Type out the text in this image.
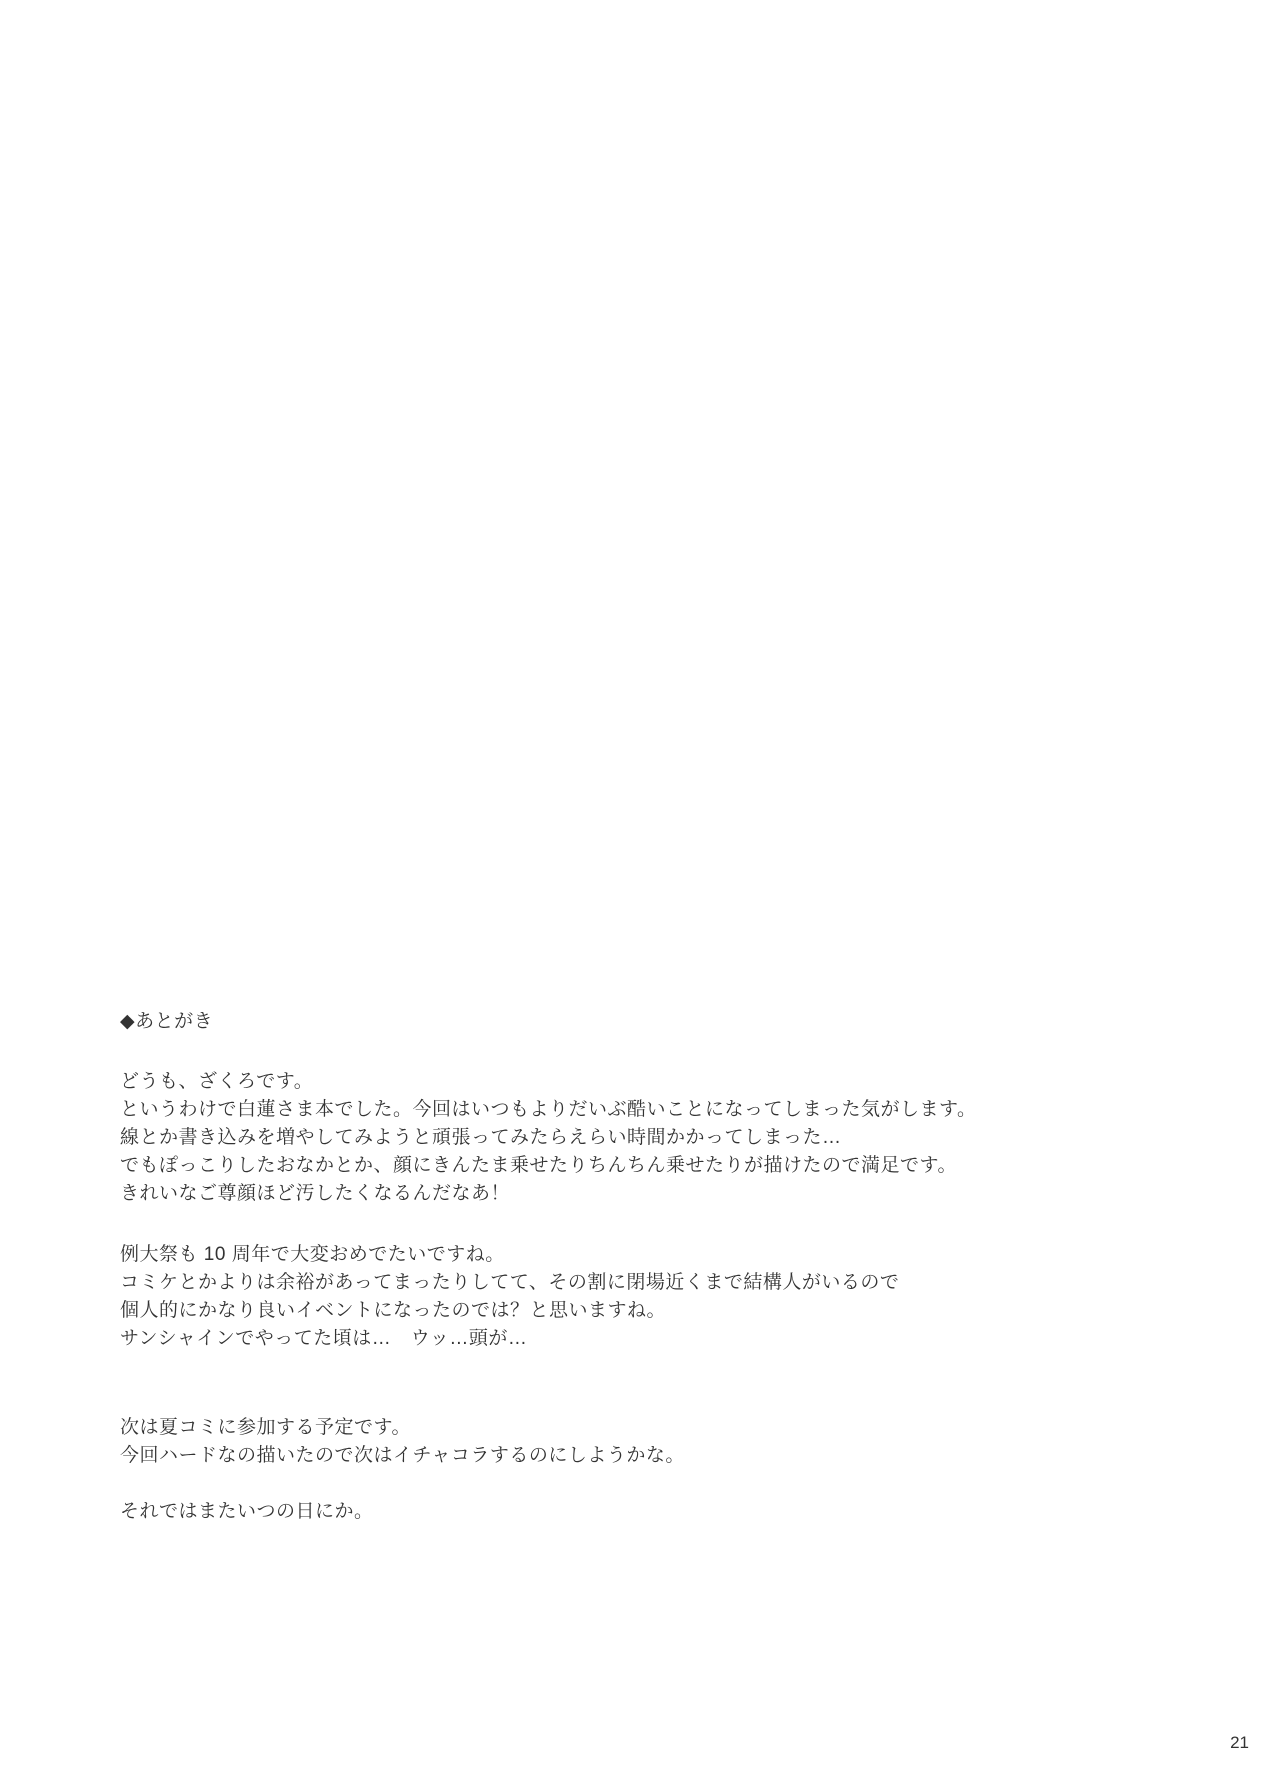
◆あとがき
どうも、ざくろです。
というわけで白蓮さま本でした。今回はいつもよりだいぶ酷いことになってしまった気がします。
線とか書き込みを増やしてみようと頑張ってみたらえらい時間かかってしまった…
でもぽっこりしたおなかとか、顔にきんたま乗せたりちんちん乗せたりが描けたので満足です。
きれいなご尊顔ほど汚したくなるんだなあ！
例大祭も 10 周年で大変おめでたいですね。
コミケとかよりは余裕があってまったりしてて、その割に閉場近くまで結構人がいるので
個人的にかなり良いイベントになったのでは？と思いますね。
サンシャインでやってた頃は…　ウッ…頭が…
次は夏コミに参加する予定です。
今回ハードなの描いたので次はイチャコラするのにしようかな。
それではまたいつの日にか。
21
